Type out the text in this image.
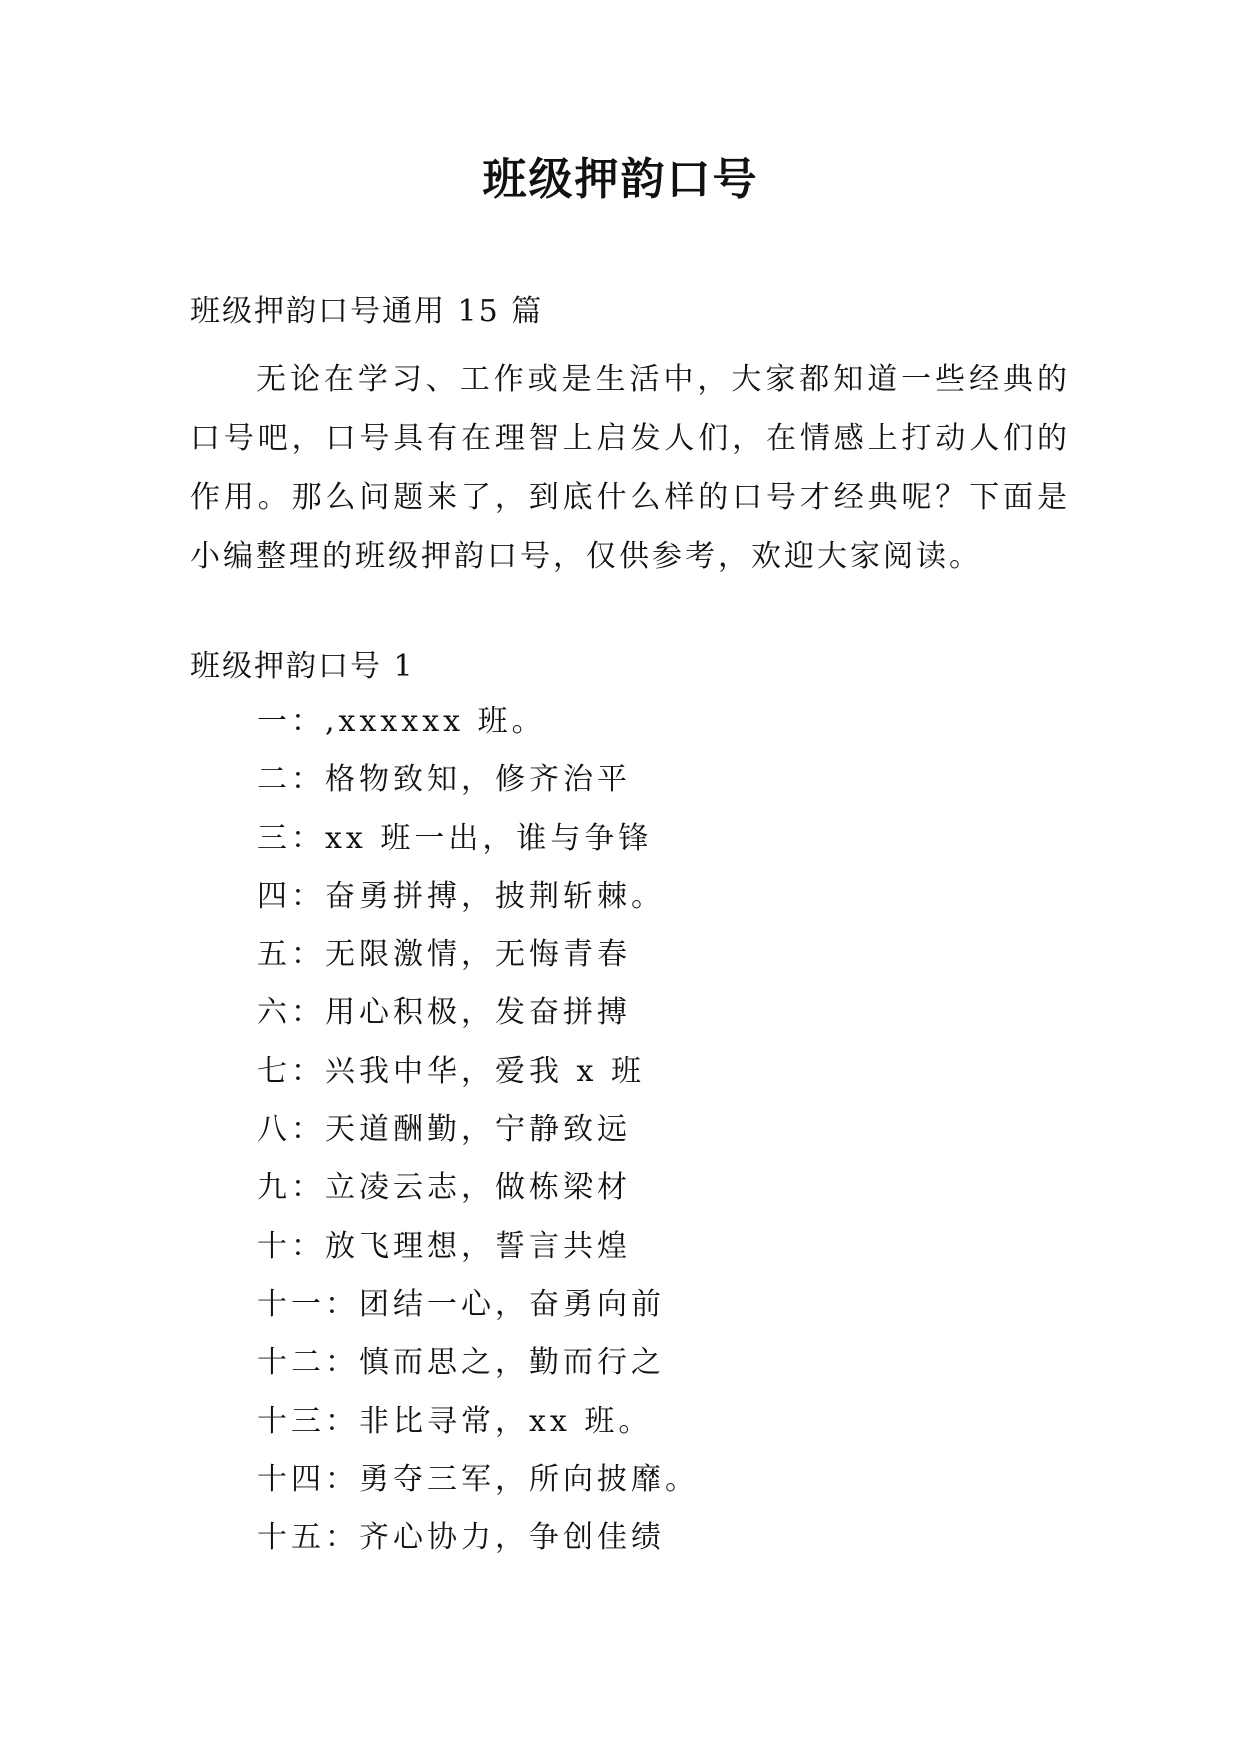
班级押韵口号
班级押韵口号通用 15 篇

无论在学习、工作或是生活中，大家都知道一些经典的口号吧，口号具有在理智上启发人们，在情感上打动人们的作用。那么问题来了，到底什么样的口号才经典呢？下面是小编整理的班级押韵口号，仅供参考，欢迎大家阅读。

班级押韵口号 1
一：,xxxxxx 班。
二：格物致知，修齐治平
三：xx 班一出，谁与争锋
四：奋勇拼搏，披荆斩棘。
五：无限激情，无悔青春
六：用心积极，发奋拼搏
七：兴我中华，爱我 x 班
八：天道酬勤，宁静致远
九：立凌云志，做栋梁材
十：放飞理想，誓言共煌
十一：团结一心，奋勇向前
十二：慎而思之，勤而行之
十三：非比寻常，xx 班。
十四：勇夺三军，所向披靡。
十五：齐心协力，争创佳绩
